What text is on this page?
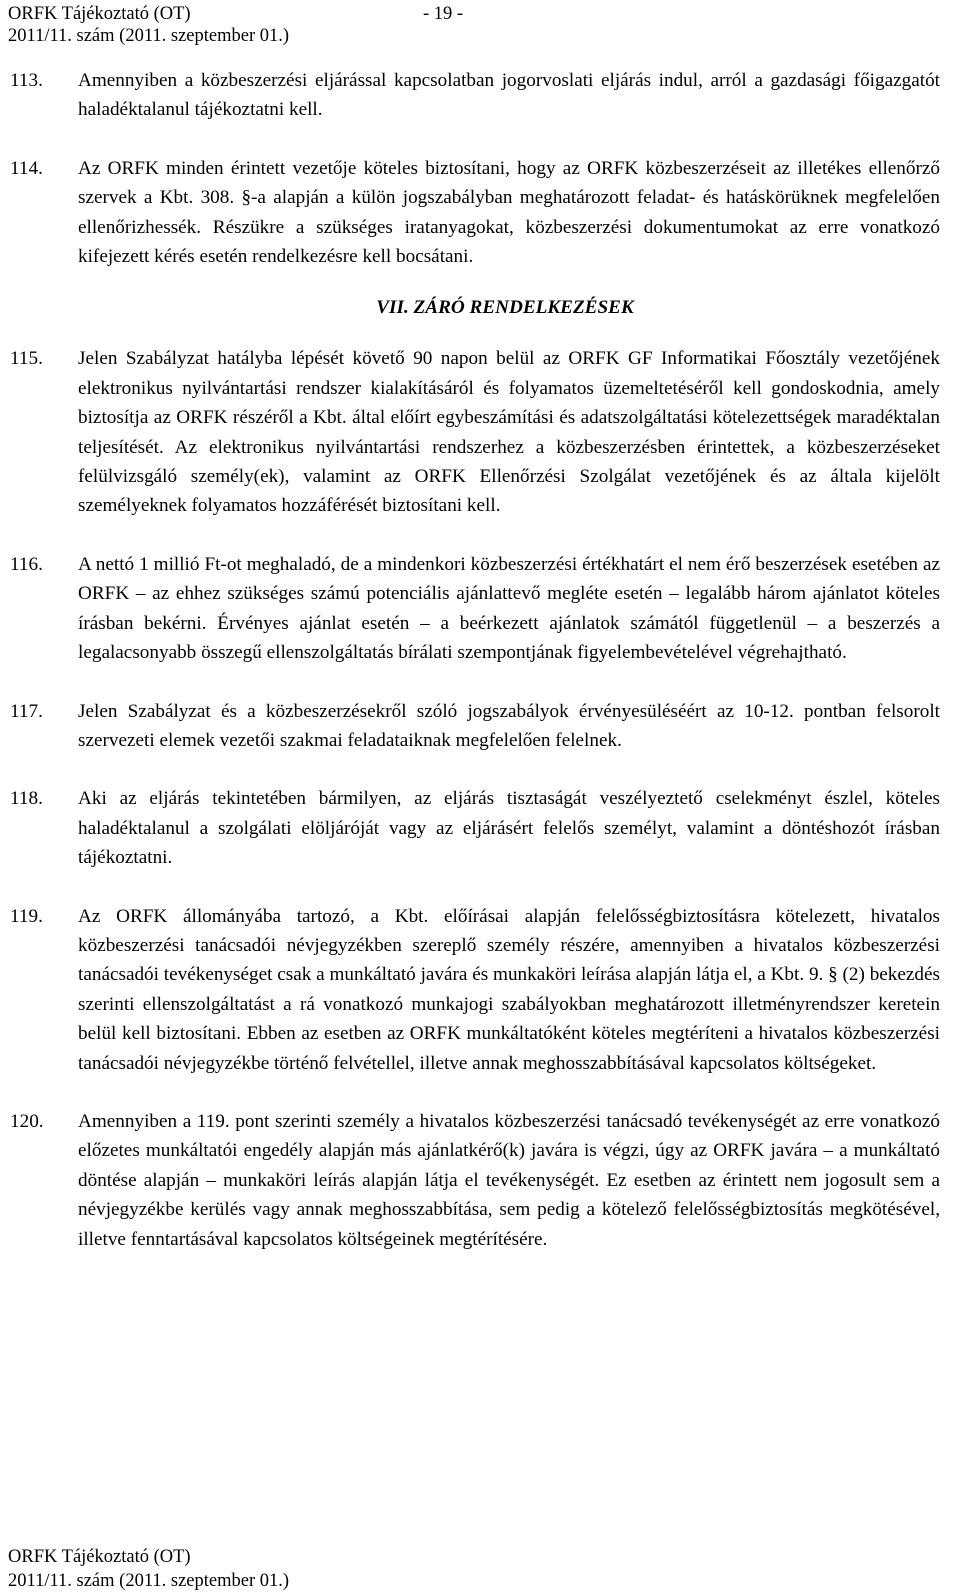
ORFK Tájékoztató (OT)	- 19 -
2011/11. szám (2011. szeptember 01.)
113. Amennyiben a közbeszerzési eljárással kapcsolatban jogorvoslati eljárás indul, arról a gazdasági főigazgatót haladéktalanul tájékoztatni kell.
114. Az ORFK minden érintett vezetője köteles biztosítani, hogy az ORFK közbeszerzéseit az illetékes ellenőrző szervek a Kbt. 308. §-a alapján a külön jogszabályban meghatározott feladat- és hatáskörüknek megfelelően ellenőrizhessék. Részükre a szükséges iratanyagokat, közbeszerzési dokumentumokat az erre vonatkozó kifejezett kérés esetén rendelkezésre kell bocsátani.
VII. ZÁRÓ RENDELKEZÉSEK
115. Jelen Szabályzat hatályba lépését követő 90 napon belül az ORFK GF Informatikai Főosztály vezetőjének elektronikus nyilvántartási rendszer kialakításáról és folyamatos üzemeltetéséről kell gondoskodnia, amely biztosítja az ORFK részéről a Kbt. által előírt egybeszámítási és adatszolgáltatási kötelezettségek maradéktalan teljesítését. Az elektronikus nyilvántartási rendszerhez a közbeszerzésben érintettek, a közbeszerzéseket felülvizsgáló személy(ek), valamint az ORFK Ellenőrzési Szolgálat vezetőjének és az általa kijelölt személyeknek folyamatos hozzáférését biztosítani kell.
116. A nettó 1 millió Ft-ot meghaladó, de a mindenkori közbeszerzési értékhatárt el nem érő beszerzések esetében az ORFK – az ehhez szükséges számú potenciális ajánlattevő megléte esetén – legalább három ajánlatot köteles írásban bekérni. Érvényes ajánlat esetén – a beérkezett ajánlatok számától függetlenül – a beszerzés a legalacsonyabb összegű ellenszolgáltatás bírálati szempontjának figyelembevételével végrehajtható.
117. Jelen Szabályzat és a közbeszerzésekről szóló jogszabályok érvényesüléséért az 10-12. pontban felsorolt szervezeti elemek vezetői szakmai feladataiknak megfelelően felelnek.
118. Aki az eljárás tekintetében bármilyen, az eljárás tisztaságát veszélyeztető cselekményt észlel, köteles haladéktalanul a szolgálati elöljáróját vagy az eljárásért felelős személyt, valamint a döntéshozót írásban tájékoztatni.
119. Az ORFK állományába tartozó, a Kbt. előírásai alapján felelősségbiztosításra kötelezett, hivatalos közbeszerzési tanácsadói névjegyzékben szereplő személy részére, amennyiben a hivatalos közbeszerzési tanácsadói tevékenységet csak a munkáltató javára és munkaköri leírása alapján látja el, a Kbt. 9. § (2) bekezdés szerinti ellenszolgáltatást a rá vonatkozó munkajogi szabályokban meghatározott illetményrendszer keretein belül kell biztosítani. Ebben az esetben az ORFK munkáltatóként köteles megtéríteni a hivatalos közbeszerzési tanácsadói névjegyzékbe történő felvétellel, illetve annak meghosszabbításával kapcsolatos költségeket.
120. Amennyiben a 119. pont szerinti személy a hivatalos közbeszerzési tanácsadó tevékenységét az erre vonatkozó előzetes munkáltatói engedély alapján más ajánlatkérő(k) javára is végzi, úgy az ORFK javára – a munkáltató döntése alapján – munkaköri leírás alapján látja el tevékenységét. Ez esetben az érintett nem jogosult sem a névjegyzékbe kerülés vagy annak meghosszabbítása, sem pedig a kötelező felelősségbiztosítás megkötésével, illetve fenntartásával kapcsolatos költségeinek megtérítésére.
ORFK Tájékoztató (OT)
2011/11. szám (2011. szeptember 01.)
